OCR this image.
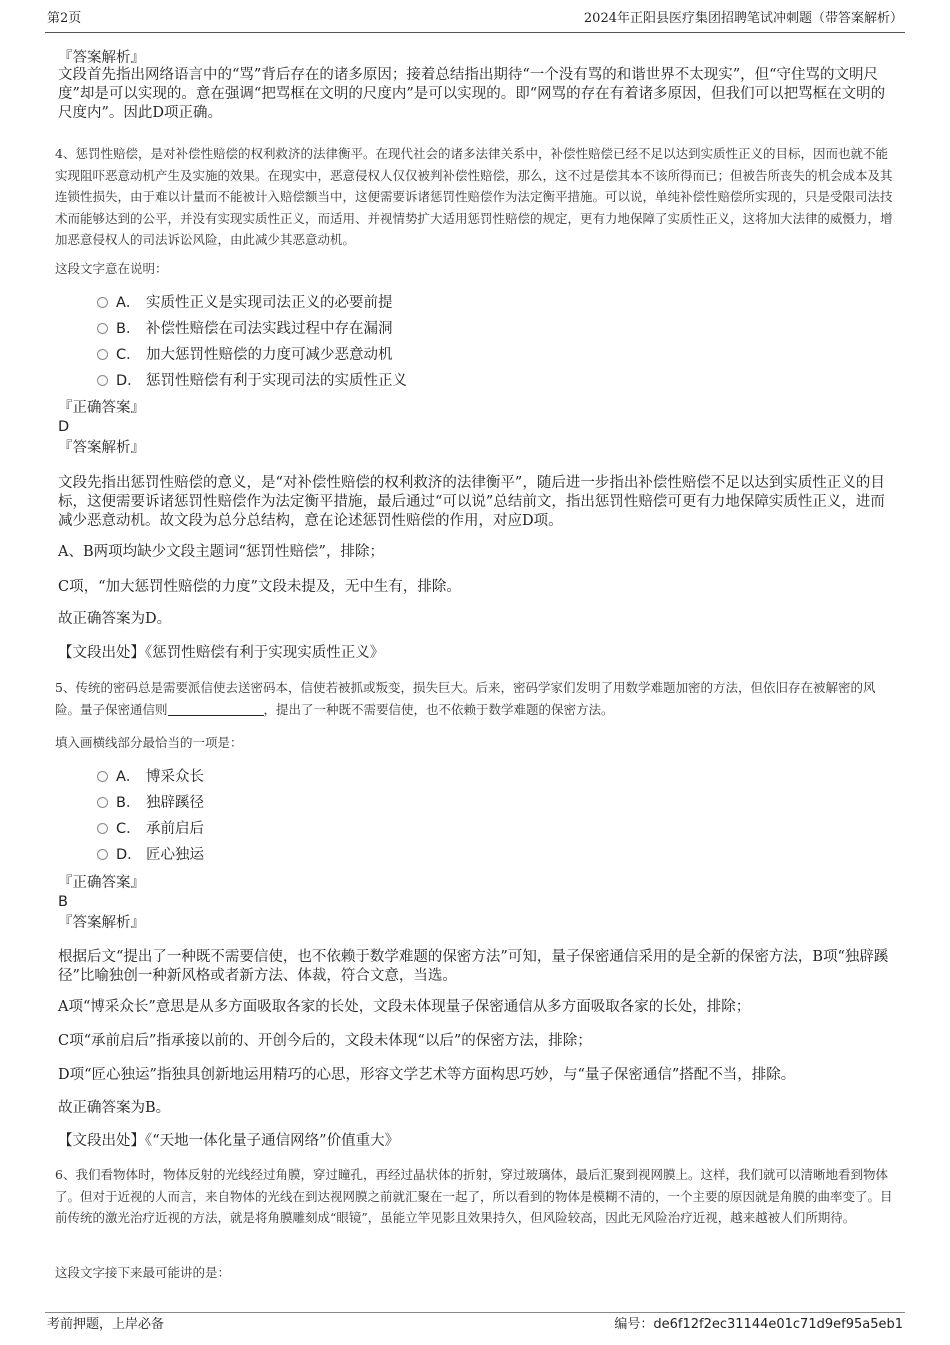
第2页	2024年正阳县医疗集团招聘笔试冲刺题（带答案解析）
『答案解析』
文段首先指出网络语言中的“骂”背后存在的诸多原因；接着总结指出期待“一个没有骂的和谐世界不太现实”，但“守住骂的文明尺度”却是可以实现的。意在强调“把骂框在文明的尺度内”是可以实现的。即“网骂的存在有着诸多原因，但我们可以把骂框在文明的尺度内”。因此D项正确。
4、惩罚性赔偿，是对补偿性赔偿的权利救济的法律衡平。在现代社会的诸多法律关系中，补偿性赔偿已经不足以达到实质性正义的目标，因而也就不能实现阻吓恶意动机产生及实施的效果。在现实中，恶意侵权人仅仅被判补偿性赔偿，那么，这不过是偿其本不该所得而已；但被告所丧失的机会成本及其连锁性损失，由于难以计量而不能被计入赔偿额当中，这便需要诉诸惩罚性赔偿作为法定衡平措施。可以说，单纯补偿性赔偿所实现的，只是受限司法技术而能够达到的公平，并没有实现实质性正义，而适用、并视情势扩大适用惩罚性赔偿的规定，更有力地保障了实质性正义，这将加大法律的威慑力，增加恶意侵权人的司法诉讼风险，由此减少其恶意动机。
这段文字意在说明：
A． 实质性正义是实现司法正义的必要前提
B． 补偿性赔偿在司法实践过程中存在漏洞
C． 加大惩罚性赔偿的力度可减少恶意动机
D． 惩罚性赔偿有利于实现司法的实质性正义
『正确答案』
D
『答案解析』
文段先指出惩罚性赔偿的意义，是“对补偿性赔偿的权利救济的法律衡平”，随后进一步指出补偿性赔偿不足以达到实质性正义的目标，这便需要诉诸惩罚性赔偿作为法定衡平措施，最后通过“可以说”总结前文，指出惩罚性赔偿可更有力地保障实质性正义，进而减少恶意动机。故文段为总分总结构，意在论述惩罚性赔偿的作用，对应D项。
A、B两项均缺少文段主题词“惩罚性赔偿”，排除；
C项，“加大惩罚性赔偿的力度”文段未提及，无中生有，排除。
故正确答案为D。
【文段出处】《惩罚性赔偿有利于实现实质性正义》
5、传统的密码总是需要派信使去送密码本，信使若被抓或叛变，损失巨大。后来，密码学家们发明了用数学难题加密的方法，但依旧存在被解密的风险。量子保密通信则	，提出了一种既不需要信使，也不依赖于数学难题的保密方法。
填入画横线部分最恰当的一项是：
A． 博采众长
B． 独辟蹊径
C． 承前启后
D． 匠心独运
『正确答案』
B
『答案解析』
根据后文“提出了一种既不需要信使，也不依赖于数学难题的保密方法”可知，量子保密通信采用的是全新的保密方法，B项“独辟蹊径”比喻独创一种新风格或者新方法、体裁，符合文意，当选。
A项“博采众长”意思是从多方面吸取各家的长处，文段未体现量子保密通信从多方面吸取各家的长处，排除；
C项“承前启后”指承接以前的、开创今后的，文段未体现“以后”的保密方法，排除；
D项“匠心独运”指独具创新地运用精巧的心思，形容文学艺术等方面构思巧妙，与“量子保密通信”搭配不当，排除。
故正确答案为B。
【文段出处】《“天地一体化量子通信网络”价值重大》
6、我们看物体时，物体反射的光线经过角膜，穿过瞳孔，再经过晶状体的折射，穿过玻璃体，最后汇聚到视网膜上。这样，我们就可以清晰地看到物体了。但对于近视的人而言，来自物体的光线在到达视网膜之前就汇聚在一起了，所以看到的物体是模糊不清的，一个主要的原因就是角膜的曲率变了。目前传统的激光治疗近视的方法，就是将角膜雕刻成“眼镜”，虽能立竿见影且效果持久，但风险较高，因此无风险治疗近视，越来越被人们所期待。
这段文字接下来最可能讲的是：
考前押题，上岸必备	编号：de6f12f2ec31144e01c71d9ef95a5eb1
